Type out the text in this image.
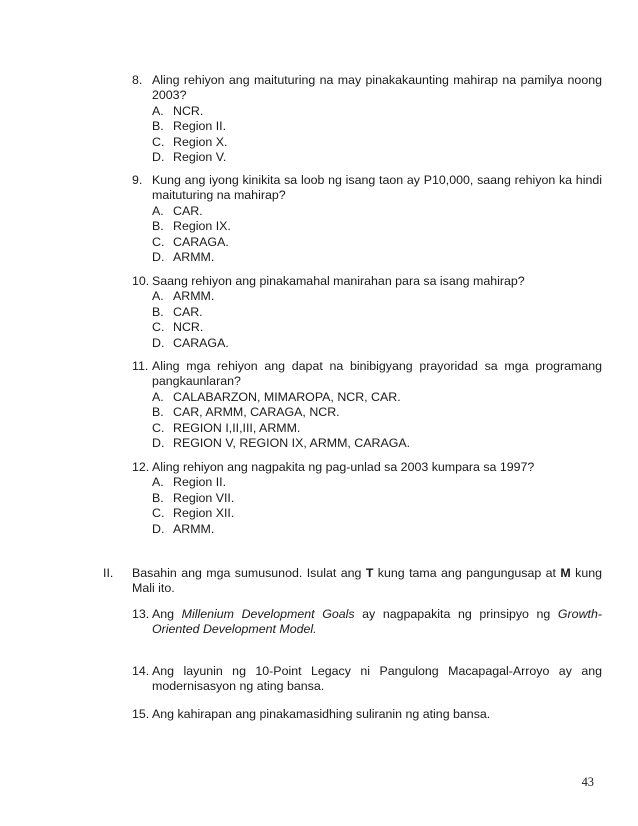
8. Aling rehiyon ang maituturing na may pinakakaunting mahirap na pamilya noong 2003?
A. NCR.
B. Region II.
C. Region X.
D. Region V.
9. Kung ang iyong kinikita sa loob ng isang taon ay P10,000, saang rehiyon ka hindi maituturing na mahirap?
A. CAR.
B. Region IX.
C. CARAGA.
D. ARMM.
10. Saang rehiyon ang pinakamahal manirahan para sa isang mahirap?
A. ARMM.
B. CAR.
C. NCR.
D. CARAGA.
11. Aling mga rehiyon ang dapat na binibigyang prayoridad sa mga programang pangkaunlaran?
A. CALABARZON, MIMAROPA, NCR, CAR.
B. CAR, ARMM, CARAGA, NCR.
C. REGION I,II,III, ARMM.
D. REGION V, REGION IX, ARMM, CARAGA.
12. Aling rehiyon ang nagpakita ng pag-unlad sa 2003 kumpara sa 1997?
A. Region II.
B. Region VII.
C. Region XII.
D. ARMM.
II. Basahin ang mga sumusunod. Isulat ang T kung tama ang pangungusap at M kung Mali ito.
13. Ang Millenium Development Goals ay nagpapakita ng prinsipyo ng Growth-Oriented Development Model.
14. Ang layunin ng 10-Point Legacy ni Pangulong Macapagal-Arroyo ay ang modernisasyon ng ating bansa.
15. Ang kahirapan ang pinakamasidhing suliranin ng ating bansa.
43
